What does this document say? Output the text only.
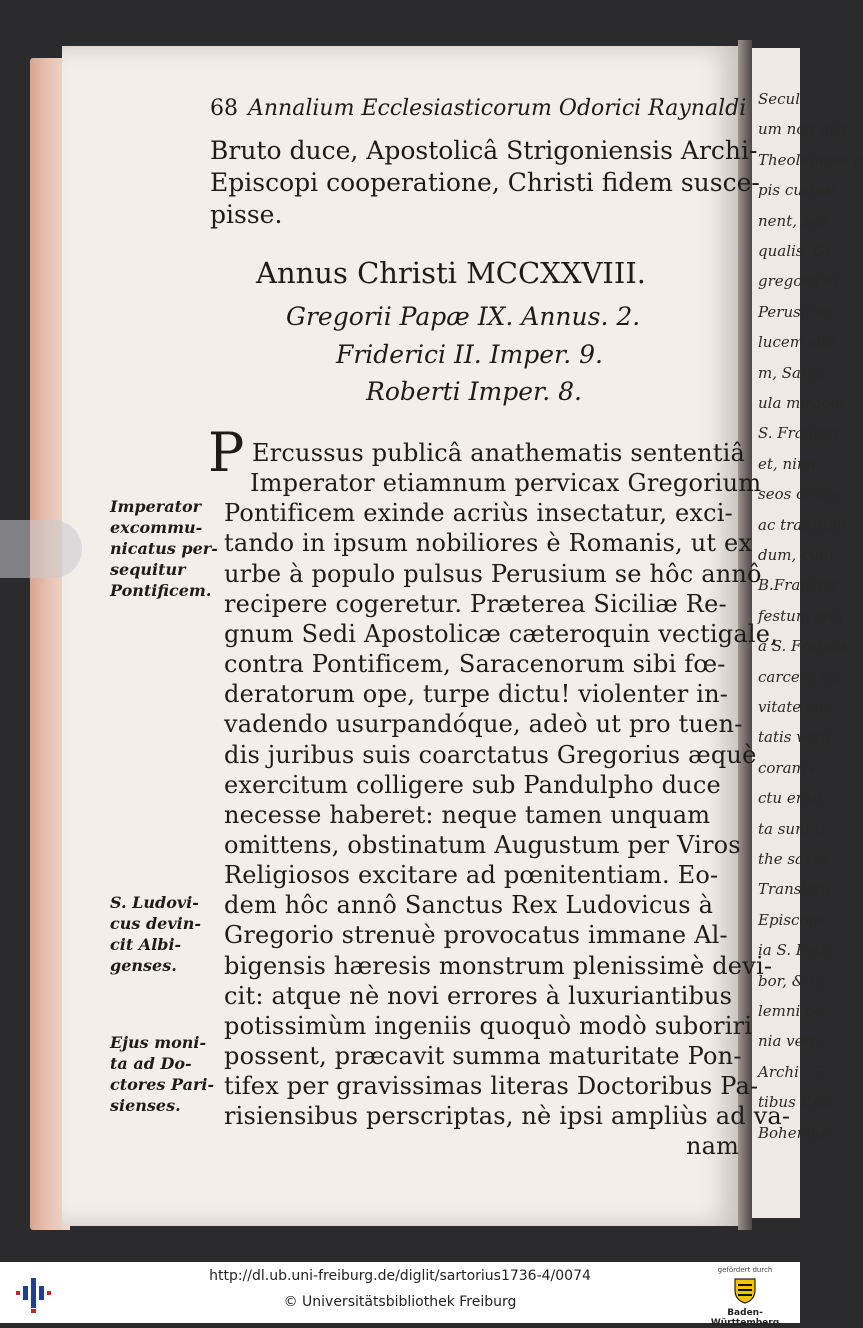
Secul
um non nisi
Theologicas a
pis curiosi
nent, sed
qualis, Gr
gregorii ex
Perusii ex
lucem sibi
m, Sanct
ula miracul
S. Francisc
et, nimi
seos crime
ac traditum
dum, cum
B.Francisc
festum ann
a S. Francis
carcere eg
vitate sup
tatis vero
coram e
ctu eran
ta sunt li
the sacra
Translatu
Episcopi
ia S. Petri
bor, & in
lemni po
nia vero
Archi - E
tibus Epis
Bohemiæ
68 Annalium Ecclesiasticorum Odorici Raynaldi
Bruto duce, Apostolicâ Strigoniensis Archi-
Episcopi cooperatione, Christi fidem susce-
pisse.
Annus Christi MCCXXVIII.
Gregorii Papæ IX. Annus. 2.
Friderici II. Imper. 9.
Roberti Imper. 8.
P Ercussus publicâ anathematis sententiâ
Imperator etiamnum pervicax Gregorium
Pontificem exinde acriùs insectatur, exci-
tando in ipsum nobiliores è Romanis, ut ex
urbe à populo pulsus Perusium se hôc annô
recipere cogeretur. Præterea Siciliæ Re-
gnum Sedi Apostolicæ cæteroquin vectigale,
contra Pontificem, Saracenorum sibi fœ-
deratorum ope, turpe dictu! violenter in-
vadendo usurpandóque, adeò ut pro tuen-
dis juribus suis coarctatus Gregorius æquè
exercitum colligere sub Pandulpho duce
necesse haberet: neque tamen unquam
omittens, obstinatum Augustum per Viros
Religiosos excitare ad pœnitentiam. Eo-
dem hôc annô Sanctus Rex Ludovicus à
Gregorio strenuè provocatus immane Al-
bigensis hæresis monstrum plenissimè devi-
cit: atque nè novi errores à luxuriantibus
potissimùm ingeniis quoquò modò suboriri
possent, præcavit summa maturitate Pon-
tifex per gravissimas literas Doctoribus Pa-
risiensibus perscriptas, nè ipsi ampliùs ad va-
nam
Imperator
excommu-
nicatus per-
sequitur
Pontificem.
S. Ludovi-
cus devin-
cit Albi-
genses.
Ejus moni-
ta ad Do-
ctores Pari-
sienses.
http://dl.ub.uni-freiburg.de/diglit/sartorius1736-4/0074
© Universitätsbibliothek Freiburg
gefördert durch
Baden-Württemberg
